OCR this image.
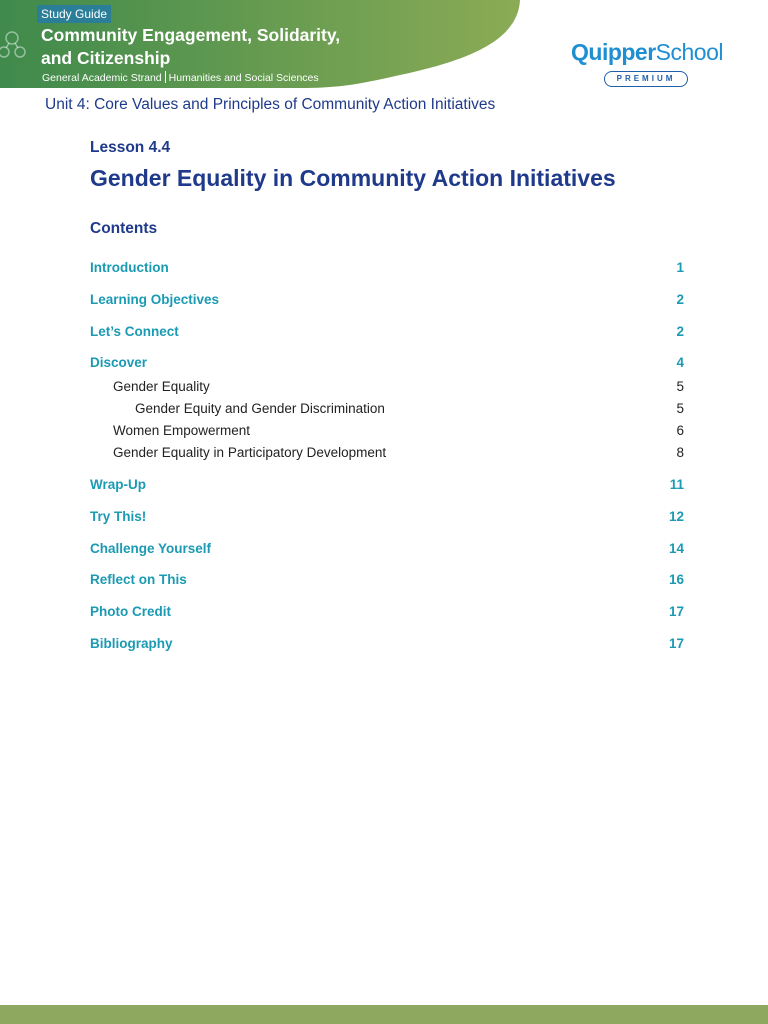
Study Guide
Community Engagement, Solidarity,
and Citizenship
General Academic Strand Humanities and Social Sciences
QuipperSchool
PREMIUM
Unit 4: Core Values and Principles of Community Action Initiatives
Lesson 4.4
Gender Equality in Community Action Initiatives
Contents
Introduction	1
Learning Objectives	2
Let’s Connect	2
Discover	4
Gender Equality	5
Gender Equity and Gender Discrimination	5
Women Empowerment	6
Gender Equality in Participatory Development	8
Wrap-Up	11
Try This!	12
Challenge Yourself	14
Reflect on This	16
Photo Credit	17
Bibliography	17
